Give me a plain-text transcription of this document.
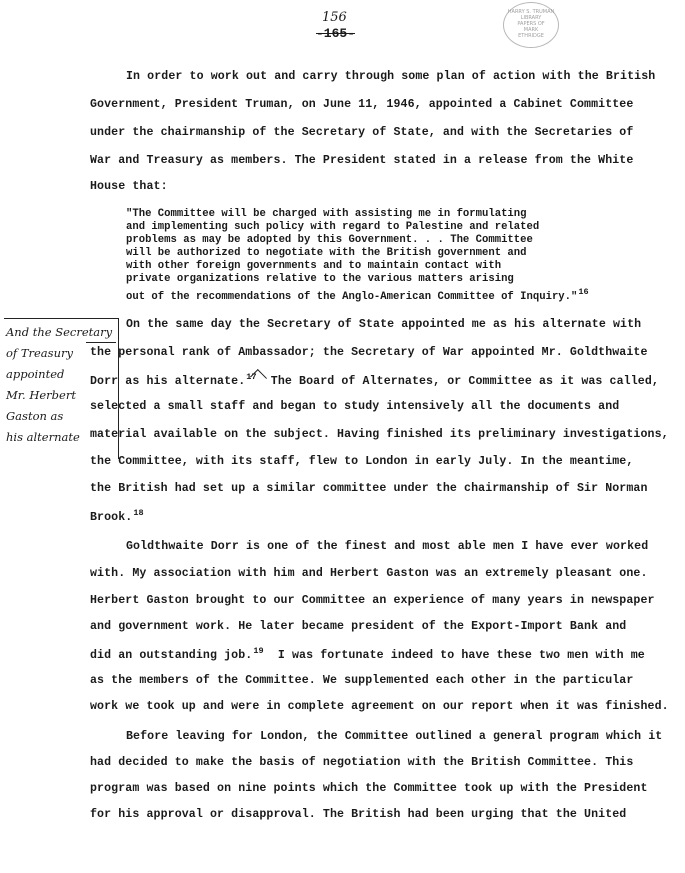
156
-165-
HARRY S. TRUMAN
LIBRARY
PAPERS OF
MARK
ETHRIDGE
In order to work out and carry through some plan of action with the British
Government, President Truman, on June 11, 1946, appointed a Cabinet Committee
under the chairmanship of the Secretary of State, and with the Secretaries of
War and Treasury as members. The President stated in a release from the White
House that:
"The Committee will be charged with assisting me in formulating
and implementing such policy with regard to Palestine and related
problems as may be adopted by this Government. . . The Committee
will be authorized to negotiate with the British government and
with other foreign governments and to maintain contact with
private organizations relative to the various matters arising
out of the recommendations of the Anglo-American Committee of Inquiry."$^{16}$
On the same day the Secretary of State appointed me as his alternate with
the personal rank of Ambassador; the Secretary of War appointed Mr. Goldthwaite
Dorr as his alternate.$^{17}$ The Board of Alternates, or Committee as it was called,
selected a small staff and began to study intensively all the documents and
material available on the subject. Having finished its preliminary investigations,
the Committee, with its staff, flew to London in early July. In the meantime,
the British had set up a similar committee under the chairmanship of Sir Norman
Brook.$^{18}$
And the Secretary
of Treasury
appointed
Mr. Herbert
Gaston as
his alternate
Goldthwaite Dorr is one of the finest and most able men I have ever worked
with. My association with him and Herbert Gaston was an extremely pleasant one.
Herbert Gaston brought to our Committee an experience of many years in newspaper
and government work. He later became president of the Export-Import Bank and
did an outstanding job.$^{19}$ I was fortunate indeed to have these two men with me
as the members of the Committee. We supplemented each other in the particular
work we took up and were in complete agreement on our report when it was finished.
Before leaving for London, the Committee outlined a general program which it
had decided to make the basis of negotiation with the British Committee. This
program was based on nine points which the Committee took up with the President
for his approval or disapproval. The British had been urging that the United
